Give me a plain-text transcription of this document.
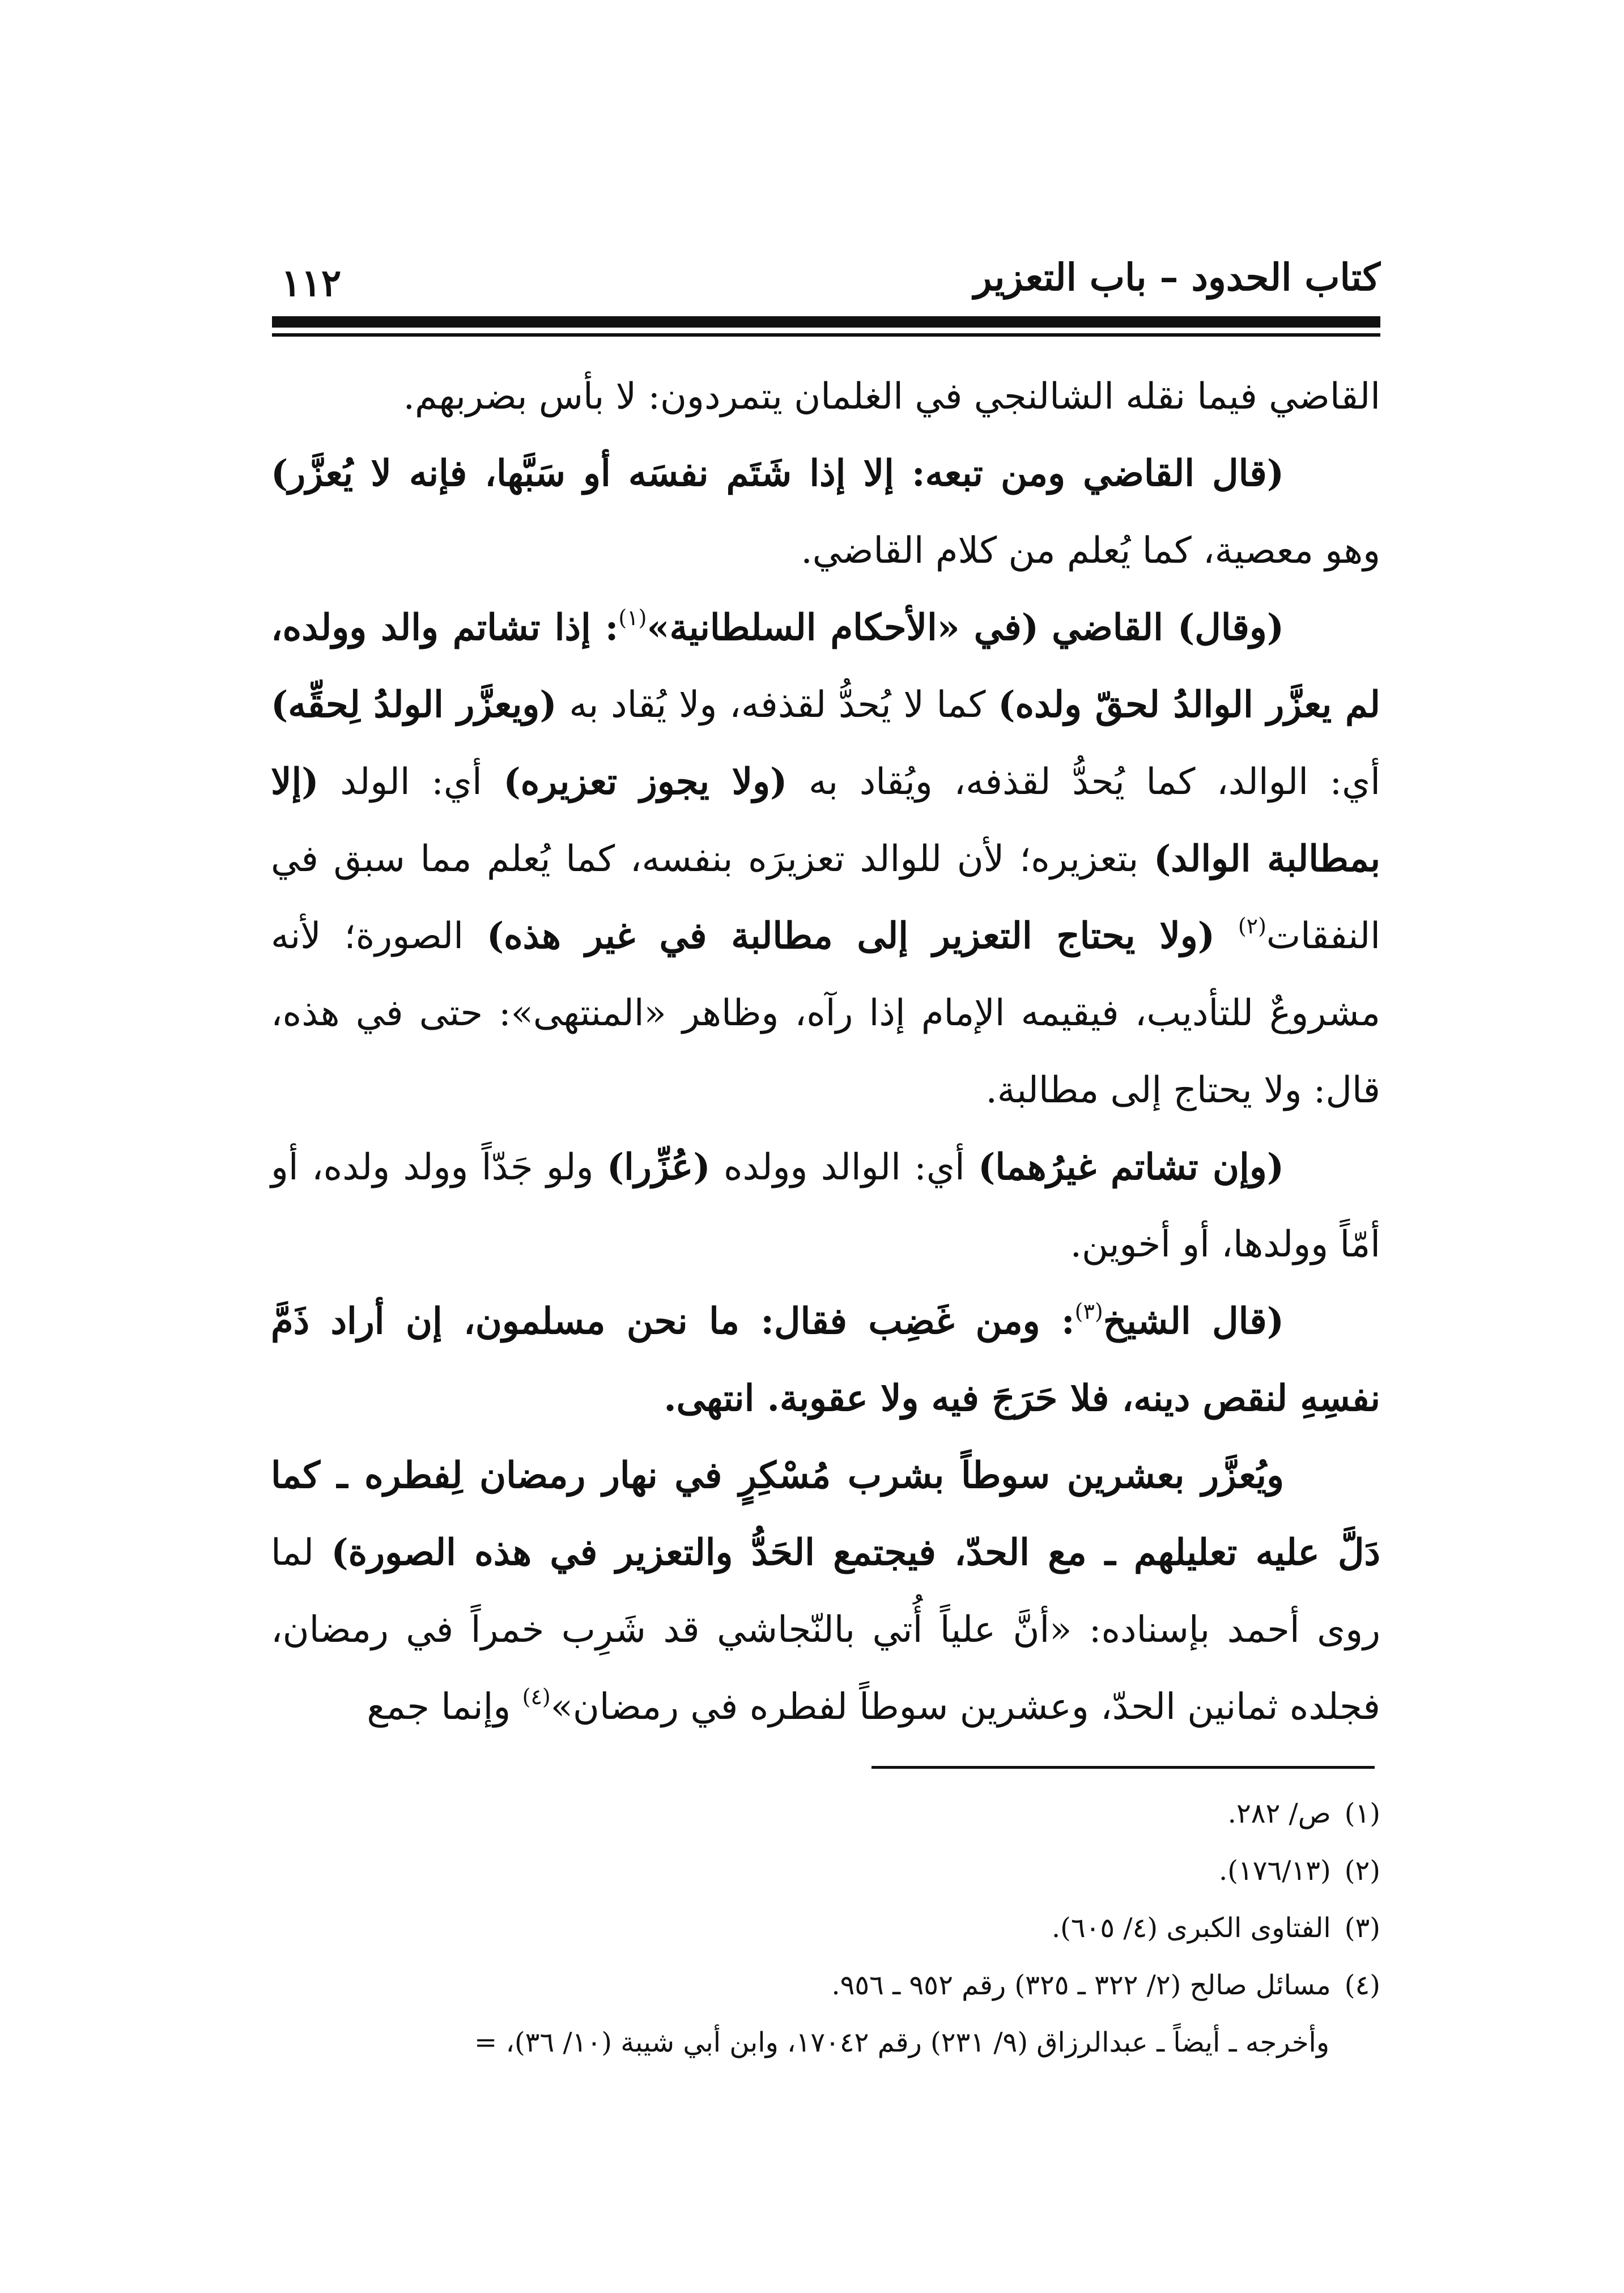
كتاب الحدود – باب التعزير
١١٢

القاضي فيما نقله الشالنجي في الغلمان يتمردون: لا بأس بضربهم.

(قال القاضي ومن تبعه: إلا إذا شَتَم نفسَه أو سَبَّها، فإنه لا يُعزَّر) وهو معصية، كما يُعلم من كلام القاضي.

(وقال) القاضي (في «الأحكام السلطانية»$^{(١)}$: إذا تشاتم والد وولده، لم يعزَّر الوالدُ لحقّ ولده) كما لا يُحدُّ لقذفه، ولا يُقاد به (ويعزَّر الولدُ لِحقِّه) أي: الوالد، كما يُحدُّ لقذفه، ويُقاد به (ولا يجوز تعزيره) أي: الولد (إلا بمطالبة الوالد) بتعزيره؛ لأن للوالد تعزيرَه بنفسه، كما يُعلم مما سبق في النفقات$^{(٢)}$ (ولا يحتاج التعزير إلى مطالبة في غير هذه) الصورة؛ لأنه مشروعٌ للتأديب، فيقيمه الإمام إذا رآه، وظاهر «المنتهى»: حتى في هذه، قال: ولا يحتاج إلى مطالبة.

(وإن تشاتم غيرُهما) أي: الوالد وولده (عُزِّرا) ولو جَدّاً وولد ولده، أو أمّاً وولدها، أو أخوين.

(قال الشيخ$^{(٣)}$: ومن غَضِب فقال: ما نحن مسلمون، إن أراد ذَمَّ نفسِهِ لنقص دينه، فلا حَرَجَ فيه ولا عقوبة. انتهى.

ويُعزَّر بعشرين سوطاً بشرب مُسْكِرٍ في نهار رمضان لِفطره ـ كما دَلَّ عليه تعليلهم ـ مع الحدّ، فيجتمع الحَدُّ والتعزير في هذه الصورة) لما روى أحمد بإسناده: «أنَّ علياً أُتي بالنّجاشي قد شَرِب خمراً في رمضان، فجلده ثمانين الحدّ، وعشرين سوطاً لفطره في رمضان»$^{(٤)}$ وإنما جمع

(١)ص/ ٢٨٢.
(٢)(١٧٦/١٣).
(٣)الفتاوى الكبرى (٤/ ٦٠٥).
(٤)مسائل صالح (٢/ ٣٢٢ ـ ٣٢٥) رقم ٩٥٢ ـ ٩٥٦.
وأخرجه ـ أيضاً ـ عبدالرزاق (٩/ ٢٣١) رقم ١٧٠٤٢، وابن أبي شيبة (١٠/ ٣٦)، =
